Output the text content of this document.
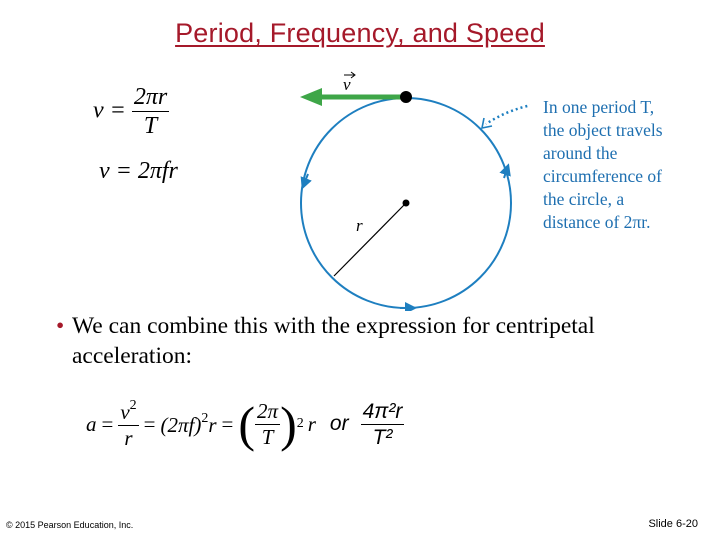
Period, Frequency, and Speed
$v = \frac{2\pi r}{T}$
v = 2πfr
r
v
In one period T,
the object travels
around the
circumference of
the circle, a
distance of 2πr.

• We can combine this with the expression for centripetal acceleration:

$a = \frac{v^2}{r} = (2\pi f)^2r$ = ( $\frac{2\pi}{T}$ ) 2 r or $\frac{\text{4π²r}}{\text{T²}}$
© 2015 Pearson Education, Inc.	Slide 6-20
